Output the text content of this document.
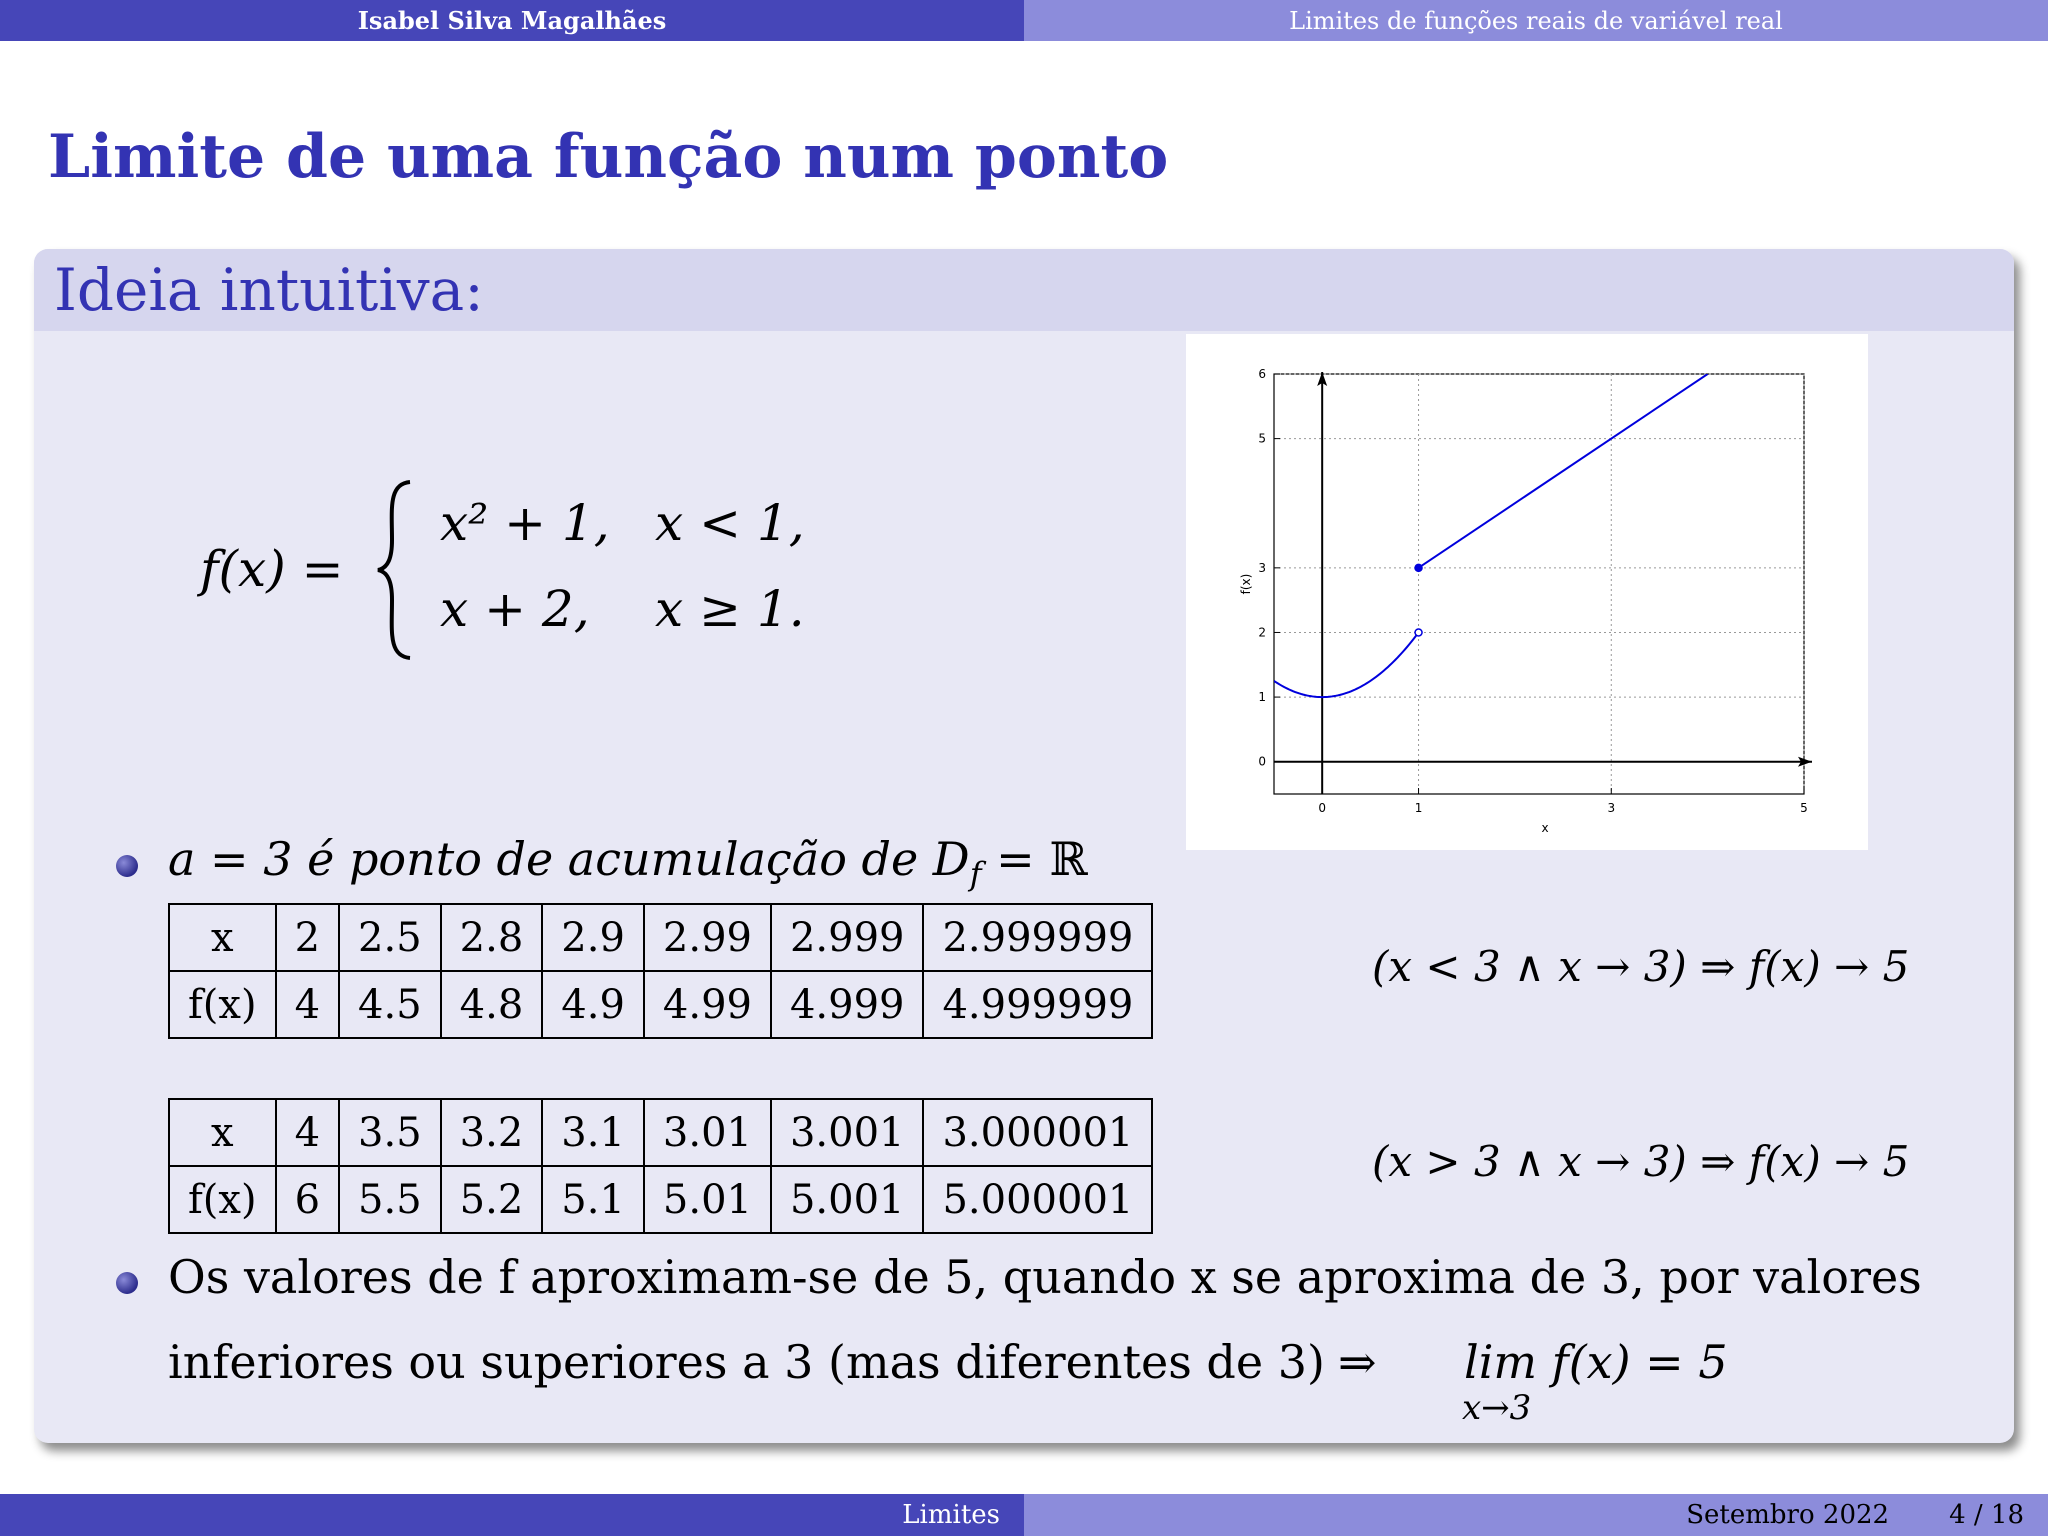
Isabel Silva Magalhães	Limites de funções reais de variável real
Limite de uma função num ponto
Ideia intuitiva:
f(x) =
x² + 1, x < 1,
x + 2, x ≥ 1.
0	1	3	5
0
1
2
3
5
6
x
f(x)
a = 3 é ponto de acumulação de $D_f$ = ℝ
x	2	2.5	2.8	2.9	2.99	2.999	2.999999
f(x)	4	4.5	4.8	4.9	4.99	4.999	4.999999
(x < 3 ∧ x → 3) ⇒ f(x) → 5
x	4	3.5	3.2	3.1	3.01	3.001	3.000001
f(x)	6	5.5	5.2	5.1	5.01	5.001	5.000001
(x > 3 ∧ x → 3) ⇒ f(x) → 5
Os valores de f aproximam-se de 5, quando x se aproxima de 3, por valores
inferiores ou superiores a 3 (mas diferentes de 3) ⇒ lim f(x) = 5
x→3
Limites	Setembro 2022 4 / 18
